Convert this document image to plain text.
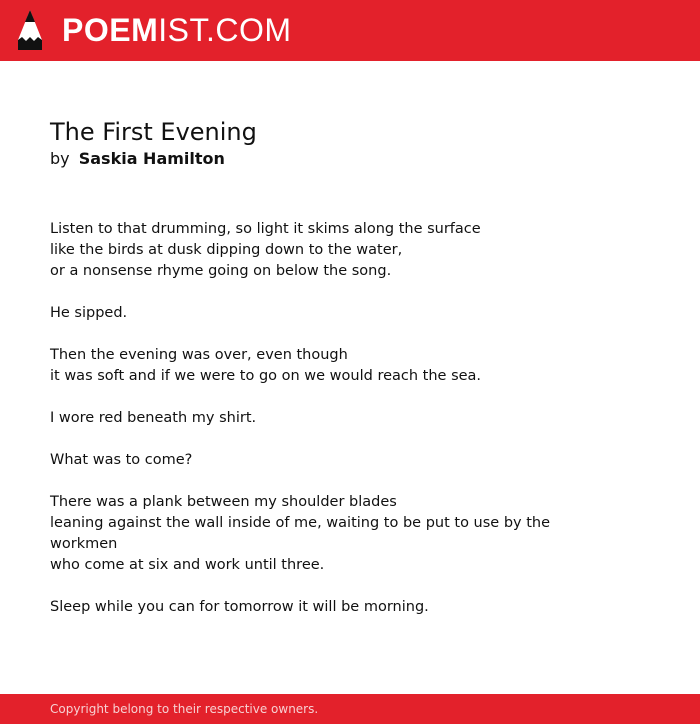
POEMIST.COM
The First Evening
by Saskia Hamilton
Listen to that drumming, so light it skims along the surface
like the birds at dusk dipping down to the water,
or a nonsense rhyme going on below the song.
He sipped.
Then the evening was over, even though
it was soft and if we were to go on we would reach the sea.
I wore red beneath my shirt.
What was to come?
There was a plank between my shoulder blades
leaning against the wall inside of me, waiting to be put to use by the
workmen
who come at six and work until three.
Sleep while you can for tomorrow it will be morning.
Copyright belong to their respective owners.
